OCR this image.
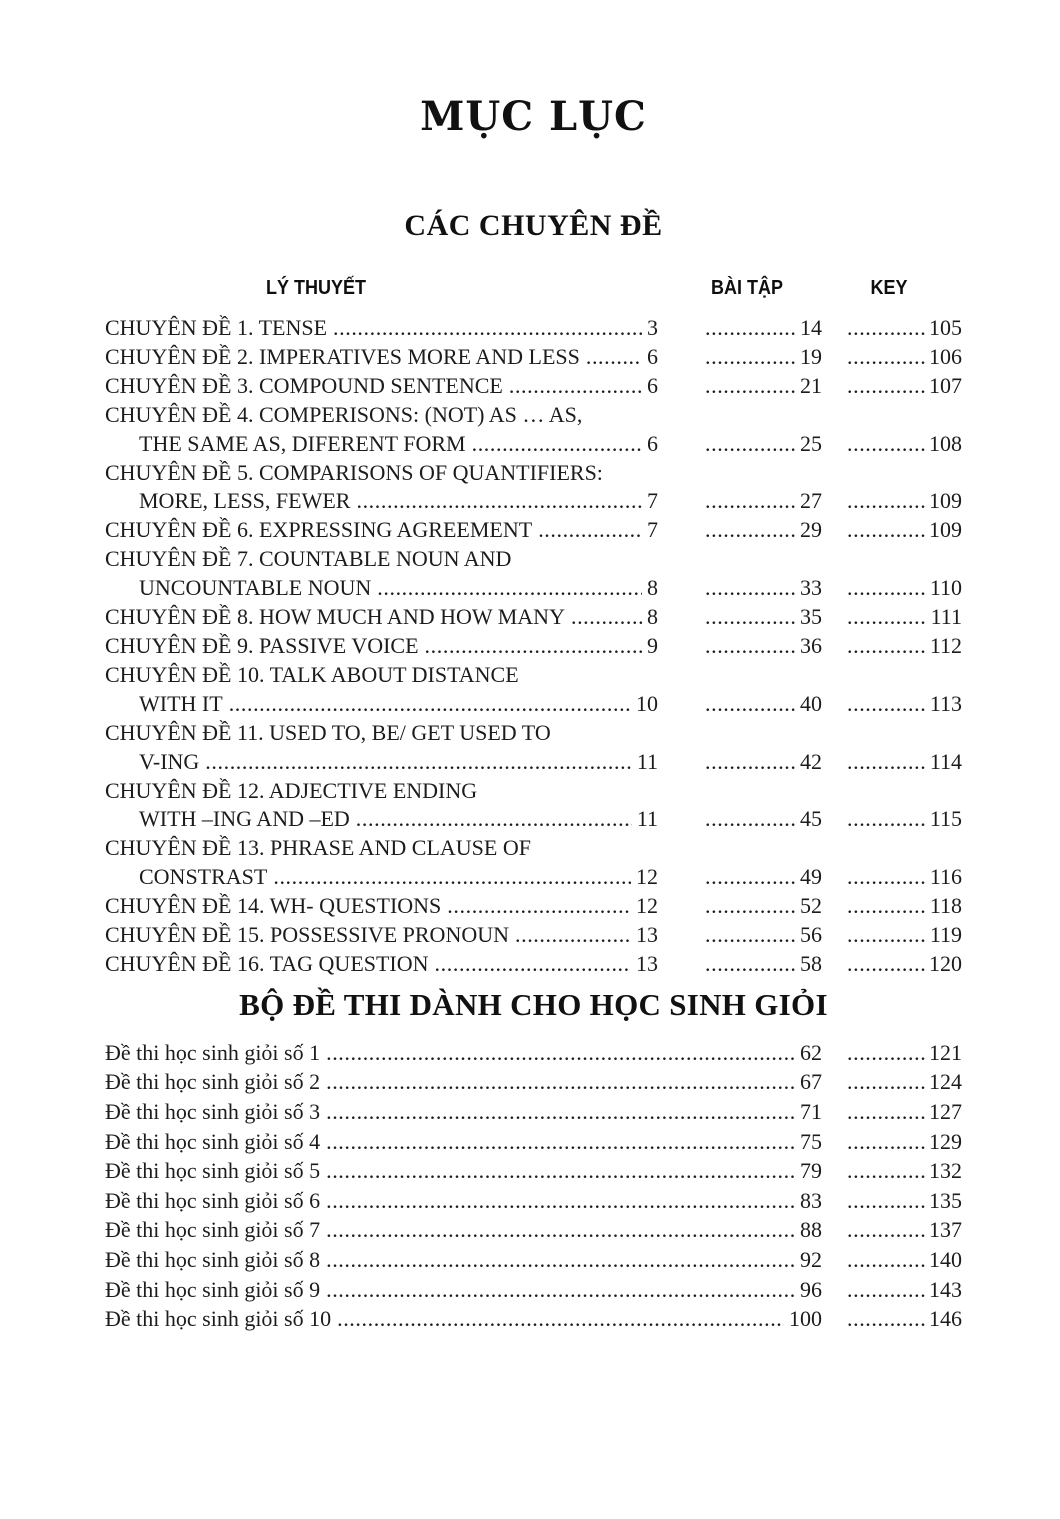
MỤC LỤC
CÁC CHUYÊN ĐỀ
LÝ THUYẾT	BÀI TẬP	KEY
CHUYÊN ĐỀ 1. TENSE .....	3 .....	14 .....	105
CHUYÊN ĐỀ 2. IMPERATIVES MORE AND LESS .....	6 .....	19 .....	106
CHUYÊN ĐỀ 3. COMPOUND SENTENCE .....	6 .....	21 .....	107
CHUYÊN ĐỀ 4. COMPERISONS: (NOT) AS … AS,
THE SAME AS, DIFERENT FORM .....	6 .....	25 .....	108
CHUYÊN ĐỀ 5. COMPARISONS OF QUANTIFIERS:
MORE, LESS, FEWER .....	7 .....	27 .....	109
CHUYÊN ĐỀ 6. EXPRESSING AGREEMENT .....	7 .....	29 .....	109
CHUYÊN ĐỀ 7. COUNTABLE NOUN AND
UNCOUNTABLE NOUN .....	8 .....	33 .....	110
CHUYÊN ĐỀ 8. HOW MUCH AND HOW MANY .....	8 .....	35 .....	111
CHUYÊN ĐỀ 9. PASSIVE VOICE .....	9 .....	36 .....	112
CHUYÊN ĐỀ 10. TALK ABOUT DISTANCE
WITH IT .....	10 .....	40 .....	113
CHUYÊN ĐỀ 11. USED TO, BE/ GET USED TO
V-ING .....	11 .....	42 .....	114
CHUYÊN ĐỀ 12. ADJECTIVE ENDING
WITH –ING AND –ED .....	11 .....	45 .....	115
CHUYÊN ĐỀ 13. PHRASE AND CLAUSE OF
CONSTRAST .....	12 .....	49 .....	116
CHUYÊN ĐỀ 14. WH- QUESTIONS .....	12 .....	52 .....	118
CHUYÊN ĐỀ 15. POSSESSIVE PRONOUN .....	13 .....	56 .....	119
CHUYÊN ĐỀ 16. TAG QUESTION .....	13 .....	58 .....	120
BỘ ĐỀ THI DÀNH CHO HỌC SINH GIỎI
Đề thi học sinh giỏi số 1 .....	62 .....	121
Đề thi học sinh giỏi số 2 .....	67 .....	124
Đề thi học sinh giỏi số 3 .....	71 .....	127
Đề thi học sinh giỏi số 4 .....	75 .....	129
Đề thi học sinh giỏi số 5 .....	79 .....	132
Đề thi học sinh giỏi số 6 .....	83 .....	135
Đề thi học sinh giỏi số 7 .....	88 .....	137
Đề thi học sinh giỏi số 8 .....	92 .....	140
Đề thi học sinh giỏi số 9 .....	96 .....	143
Đề thi học sinh giỏi số 10 .....	100 .....	146
